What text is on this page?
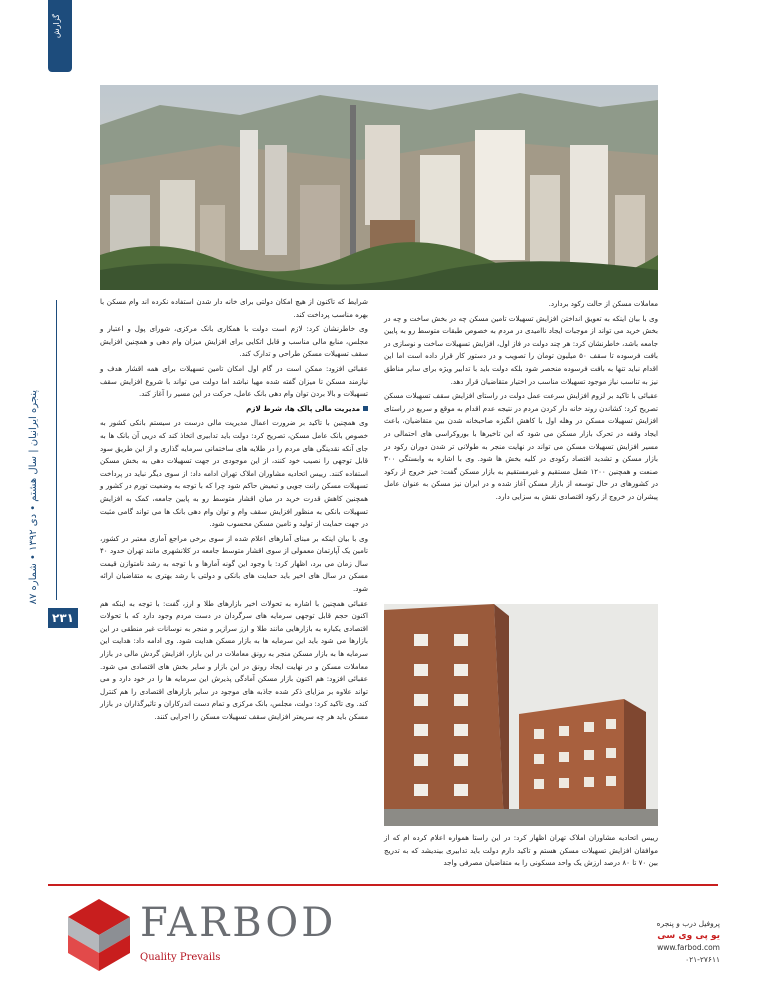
گزارش
پنجره ایرانیان | سال هشتم • دی ۱۳۹۲ • شماره ۸۷
۲۳۱

معاملات مسکن از حالت رکود بردارد.

وی با بیان اینکه به تعویق انداختن افزایش تسهیلات تامین مسکن چه در بخش ساخت و چه در بخش خرید می تواند از موجبات ایجاد ناامیدی در مردم به خصوص طبقات متوسط رو به پایین جامعه باشد، خاطرنشان کرد: هر چند دولت در فاز اول، افزایش تسهیلات ساخت و نوسازی در بافت فرسوده تا سقف ۵۰ میلیون تومان را تصویب و در دستور کار قرار داده است اما این اقدام نباید تنها به بافت فرسوده منحصر شود بلکه دولت باید با تدابیر ویژه برای سایر مناطق نیز به تناسب نیاز موجود تسهیلات مناسب در اختیار متقاضیان قرار دهد.

عقبائی با تاکید بر لزوم افزایش سرعت عمل دولت در راستای افزایش سقف تسهیلات مسکن تصریح کرد: کشاندن روند خانه دار کردن مردم در نتیجه عدم اقدام به موقع و سریع در راستای افزایش تسهیلات مسکن در وهله اول با کاهش انگیزه صاحبخانه شدن بین متقاضیان، باعث ایجاد وقفه در تحرک بازار مسکن می شود که این تاخیرها با بوروکراسی های احتمالی در مسیر افزایش تسهیلات مسکن می تواند در نهایت منجر به طولانی تر شدن دوران رکود در بازار مسکن و تشدید اقتصاد رکودی در کلیه بخش ها شود. وی با اشاره به وابستگی ۳۰۰ صنعت و همچنین ۱۲۰۰ شغل مستقیم و غیرمستقیم به بازار مسکن گفت: خیز خروج از رکود در کشورهای در حال توسعه از بازار مسکن آغاز شده و در ایران نیز مسکن به عنوان عامل پیشران در خروج از رکود اقتصادی نقش به سزایی دارد.

رییس اتحادیه مشاوران املاک تهران اظهار کرد: در این راستا همواره اعلام کرده ام که از موافقان افزایش تسهیلات مسکن هستم و تاکید دارم دولت باید تدابیری بیندیشد که به تدریج بین ۷۰ تا ۸۰ درصد ارزش یک واحد مسکونی را به متقاضیان مصرفی واجد

شرایط که تاکنون از هیچ امکان دولتی برای خانه دار شدن استفاده نکرده اند وام مسکن با بهره مناسب پرداخت کند.

وی خاطرنشان کرد: لازم است دولت با همکاری بانک مرکزی، شورای پول و اعتبار و مجلس، منابع مالی مناسب و قابل اتکایی برای افزایش میزان وام دهی و همچنین افزایش سقف تسهیلات مسکن طراحی و تدارک کند.

عقبائی افزود: ممکن است در گام اول امکان تامین تسهیلات برای همه اقشار هدف و نیازمند مسکن تا میزان گفته شده مهیا نباشد اما دولت می تواند با شروع افزایش سقف تسهیلات و بالا بردن توان وام دهی بانک عامل، حرکت در این مسیر را آغاز کند.

مدیریت مالی پالک ها، شرط لازم

وی همچنین با تاکید بر ضرورت اعمال مدیریت مالی درست در سیستم بانکی کشور به خصوص بانک عامل مسکن، تصریح کرد: دولت باید تدابیری اتخاذ کند که دریی آن بانک ها به جای آنکه نقدینگی های مردم را در طلایه های ساختمانی سرمایه گذاری و از این طریق سود قابل توجهی را نصیب خود کنند، از این موجودی در جهت تسهیلات دهی به بخش مسکن استفاده کنند. رییس اتحادیه مشاوران املاک تهران ادامه داد: از سوی دیگر نباید در پرداخت تسهیلات مسکن رانت جویی و تبعیض حاکم شود چرا که با توجه به وضعیت تورم در کشور و همچنین کاهش قدرت خرید در میان اقشار متوسط رو به پایین جامعه، کمک به افزایش تسهیلات بانکی به منظور افزایش سقف وام و توان وام دهی بانک ها می تواند گامی مثبت در جهت حمایت از تولید و تامین مسکن محسوب شود.

وی با بیان اینکه بر مبنای آمارهای اعلام شده از سوی برخی مراجع آماری معتبر در کشور، تامین یک آپارتمان معمولی از سوی اقشار متوسط جامعه در کلانشهری مانند تهران حدود ۴۰ سال زمان می برد، اظهار کرد: با وجود این گونه آمارها و با توجه به رشد نامتوازن قیمت مسکن در سال های اخیر باید حمایت های بانکی و دولتی با رشد بهتری به متقاضیان ارائه شود.

عقبائی همچنین با اشاره به تحولات اخیر بازارهای طلا و ارز، گفت: با توجه به اینکه هم اکنون حجم قابل توجهی سرمایه های سرگردان در دست مردم وجود دارد که با تحولات اقتصادی یکباره به بازارهایی مانند طلا و ارز سرازیر و منجر به نوسانات غیر منطقی در این بازارها می شود باید این سرمایه ها به بازار مسکن هدایت شود. وی ادامه داد: هدایت این سرمایه ها به بازار مسکن منجر به رونق معاملات در این بازار، افزایش گردش مالی در بازار معاملات مسکن و در نهایت ایجاد رونق در این بازار و سایر بخش های اقتصادی می شود. عقبائی افزود: هم اکنون بازار مسکن آمادگی پذیرش این سرمایه ها را در خود دارد و می تواند علاوه بر مزایای ذکر شده جاذبه های موجود در سایر بازارهای اقتصادی را هم کنترل کند. وی تاکید کرد: دولت، مجلس، بانک مرکزی و تمام دست اندرکاران و تاثیرگذاران در بازار مسکن باید هر چه سریعتر افزایش سقف تسهیلات مسکن را اجرایی کنند.

FARBOD
Quality Prevails
پروفیل درب و پنجره
یو پی وی سی
www.farbod.com
۰۲۱-۲۷۶۱۱
